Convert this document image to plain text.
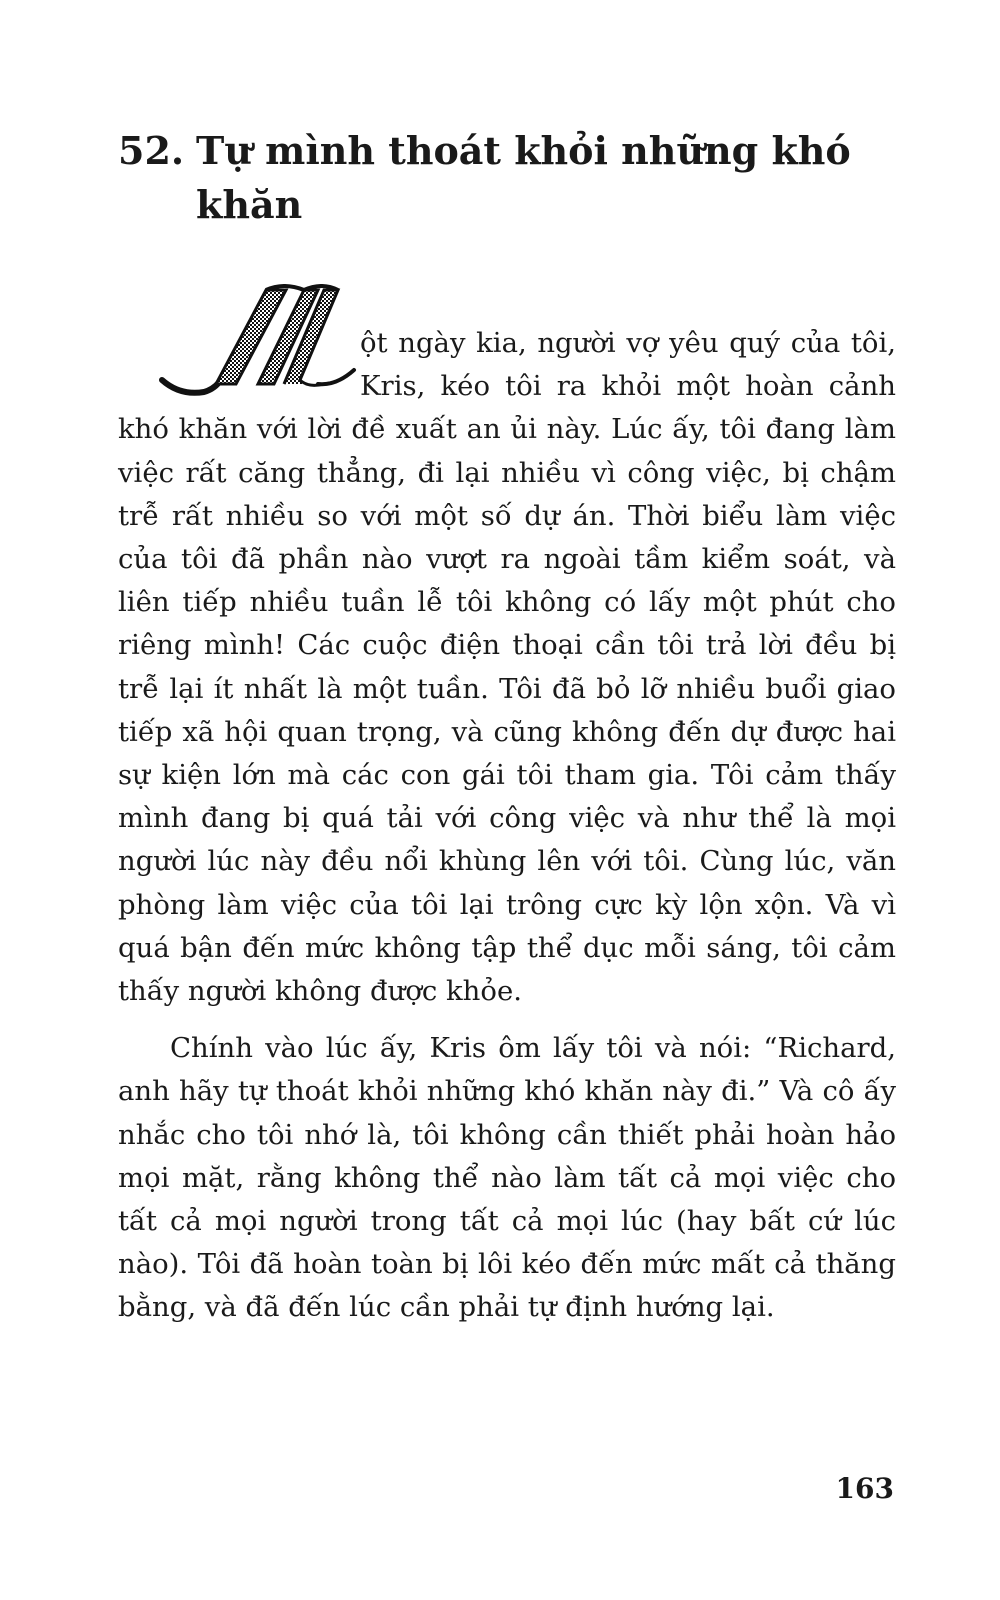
52. Tự mình thoát khỏi những khó khăn

ột ngày kia, người vợ yêu quý của tôi, Kris, kéo tôi ra khỏi một hoàn cảnh khó khăn với lời đề xuất an ủi này. Lúc ấy, tôi đang làm việc rất căng thẳng, đi lại nhiều vì công việc, bị chậm trễ rất nhiều so với một số dự án. Thời biểu làm việc của tôi đã phần nào vượt ra ngoài tầm kiểm soát, và liên tiếp nhiều tuần lễ tôi không có lấy một phút cho riêng mình! Các cuộc điện thoại cần tôi trả lời đều bị trễ lại ít nhất là một tuần. Tôi đã bỏ lỡ nhiều buổi giao tiếp xã hội quan trọng, và cũng không đến dự được hai sự kiện lớn mà các con gái tôi tham gia. Tôi cảm thấy mình đang bị quá tải với công việc và như thể là mọi người lúc này đều nổi khùng lên với tôi. Cùng lúc, văn phòng làm việc của tôi lại trông cực kỳ lộn xộn. Và vì quá bận đến mức không tập thể dục mỗi sáng, tôi cảm thấy người không được khỏe.

Chính vào lúc ấy, Kris ôm lấy tôi và nói: “Richard, anh hãy tự thoát khỏi những khó khăn này đi.” Và cô ấy nhắc cho tôi nhớ là, tôi không cần thiết phải hoàn hảo mọi mặt, rằng không thể nào làm tất cả mọi việc cho tất cả mọi người trong tất cả mọi lúc (hay bất cứ lúc nào). Tôi đã hoàn toàn bị lôi kéo đến mức mất cả thăng bằng, và đã đến lúc cần phải tự định hướng lại.

163
